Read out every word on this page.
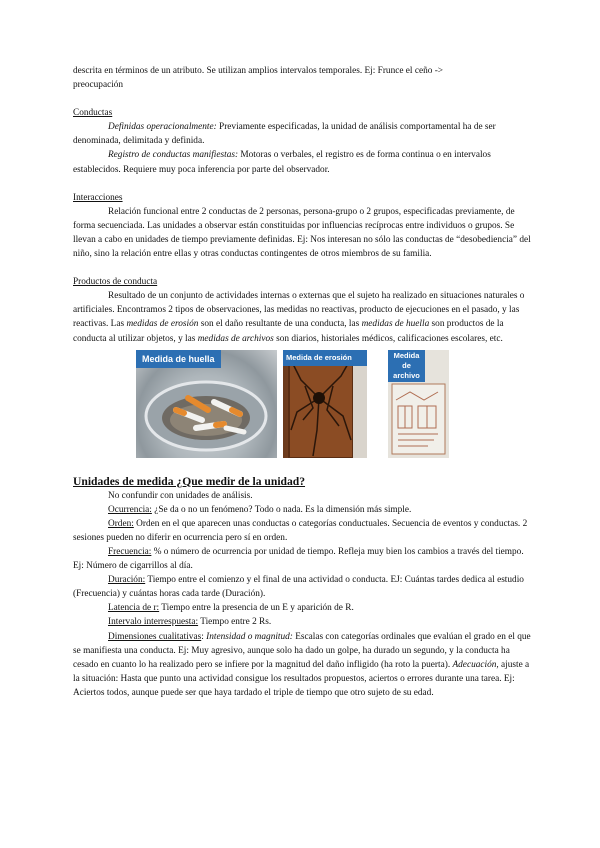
descrita en términos de un atributo. Se utilizan amplios intervalos temporales. Ej: Frunce el ceño ->

preocupación

Conductas

Definidas operacionalmente: Previamente especificadas, la unidad de análisis comportamental ha de ser denominada, delimitada y definida.

Registro de conductas manifiestas: Motoras o verbales, el registro es de forma continua o en intervalos establecidos. Requiere muy poca inferencia por parte del observador.

Interacciones

Relación funcional entre 2 conductas de 2 personas, persona-grupo o 2 grupos, especificadas previamente, de forma secuenciada. Las unidades a observar están constituidas por influencias recíprocas entre individuos o grupos. Se llevan a cabo en unidades de tiempo previamente definidas. Ej: Nos interesan no sólo las conductas de “desobediencia” del niño, sino la relación entre ellas y otras conductas contingentes de otros miembros de su familia.

Productos de conducta

Resultado de un conjunto de actividades internas o externas que el sujeto ha realizado en situaciones naturales o artificiales. Encontramos 2 tipos de observaciones, las medidas no reactivas, producto de ejecuciones en el pasado, y las reactivas. Las medidas de erosión son el daño resultante de una conducta, las medidas de huella son productos de la conducta al utilizar objetos, y las medidas de archivos son diarios, historiales médicos, calificaciones escolares, etc.

Medida de huella	Medida de erosión	Medida de archivo

Unidades de medida ¿Que medir de la unidad?

No confundir con unidades de análisis.

Ocurrencia: ¿Se da o no un fenómeno? Todo o nada. Es la dimensión más simple.

Orden: Orden en el que aparecen unas conductas o categorías conductuales. Secuencia de eventos y conductas. 2 sesiones pueden no diferir en ocurrencia pero sí en orden.

Frecuencia: % o número de ocurrencia por unidad de tiempo. Refleja muy bien los cambios a través del tiempo. Ej: Número de cigarrillos al día.

Duración: Tiempo entre el comienzo y el final de una actividad o conducta. EJ: Cuántas tardes dedica al estudio (Frecuencia) y cuántas horas cada tarde (Duración).

Latencia de r: Tiempo entre la presencia de un E y aparición de R.

Intervalo interrespuesta: Tiempo entre 2 Rs.

Dimensiones cualitativas: Intensidad o magnitud: Escalas con categorías ordinales que evalúan el grado en el que se manifiesta una conducta. Ej: Muy agresivo, aunque solo ha dado un golpe, ha durado un segundo, y la conducta ha cesado en cuanto lo ha realizado pero se infiere por la magnitud del daño infligido (ha roto la puerta). Adecuación, ajuste a la situación: Hasta que punto una actividad consigue los resultados propuestos, aciertos o errores durante una tarea. Ej: Aciertos todos, aunque puede ser que haya tardado el triple de tiempo que otro sujeto de su edad.
